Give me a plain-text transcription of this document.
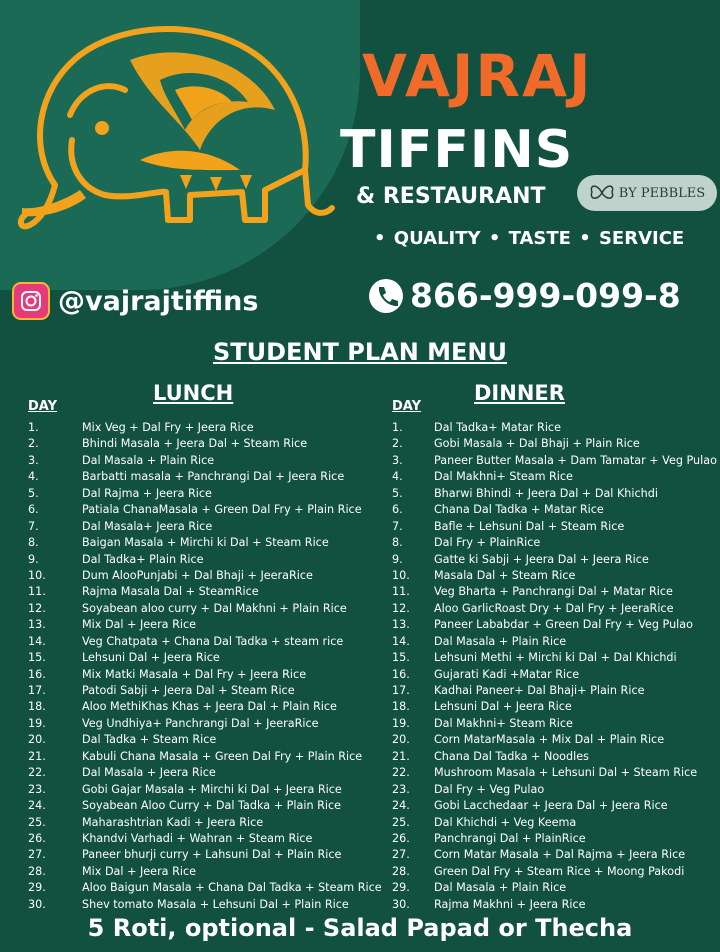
VAJRAJ
TIFFINS
& RESTAURANT	BY PEBBLES
• QUALITY • TASTE • SERVICE
@vajrajtiffins	866-999-099-8
STUDENT PLAN MENU
LUNCH	DINNER
DAY	DAY
1.	Mix Veg + Dal Fry + Jeera Rice
2.	Bhindi Masala + Jeera Dal + Steam Rice
3.	Dal Masala + Plain Rice
4.	Barbatti masala + Panchrangi Dal + Jeera Rice
5.	Dal Rajma + Jeera Rice
6.	Patiala ChanaMasala + Green Dal Fry + Plain Rice
7.	Dal Masala+ Jeera Rice
8.	Baigan Masala + Mirchi ki Dal + Steam Rice
9.	Dal Tadka+ Plain Rice
10.	Dum AlooPunjabi + Dal Bhaji + JeeraRice
11.	Rajma Masala Dal + SteamRice
12.	Soyabean aloo curry + Dal Makhni + Plain Rice
13.	Mix Dal + Jeera Rice
14.	Veg Chatpata + Chana Dal Tadka + steam rice
15.	Lehsuni Dal + Jeera Rice
16.	Mix Matki Masala + Dal Fry + Jeera Rice
17.	Patodi Sabji + Jeera Dal + Steam Rice
18.	Aloo MethiKhas Khas + Jeera Dal + Plain Rice
19.	Veg Undhiya+ Panchrangi Dal + JeeraRice
20.	Dal Tadka + Steam Rice
21.	Kabuli Chana Masala + Green Dal Fry + Plain Rice
22.	Dal Masala + Jeera Rice
23.	Gobi Gajar Masala + Mirchi ki Dal + Jeera Rice
24.	Soyabean Aloo Curry + Dal Tadka + Plain Rice
25.	Maharashtrian Kadi + Jeera Rice
26.	Khandvi Varhadi + Wahran + Steam Rice
27.	Paneer bhurji curry + Lahsuni Dal + Plain Rice
28.	Mix Dal + Jeera Rice
29.	Aloo Baigun Masala + Chana Dal Tadka + Steam Rice
30.	Shev tomato Masala + Lehsuni Dal + Plain Rice
1.	Dal Tadka+ Matar Rice
2.	Gobi Masala + Dal Bhaji + Plain Rice
3.	Paneer Butter Masala + Dam Tamatar + Veg Pulao
4.	Dal Makhni+ Steam Rice
5.	Bharwi Bhindi + Jeera Dal + Dal Khichdi
6.	Chana Dal Tadka + Matar Rice
7.	Bafle + Lehsuni Dal + Steam Rice
8.	Dal Fry + PlainRice
9.	Gatte ki Sabji + Jeera Dal + Jeera Rice
10. Masala Dal + Steam Rice
11. Veg Bharta + Panchrangi Dal + Matar Rice
12. Aloo GarlicRoast Dry + Dal Fry + JeeraRice
13. Paneer Lababdar + Green Dal Fry + Veg Pulao
14. Dal Masala + Plain Rice
15. Lehsuni Methi + Mirchi ki Dal + Dal Khichdi
16. Gujarati Kadi +Matar Rice
17. Kadhai Paneer+ Dal Bhaji+ Plain Rice
18. Lehsuni Dal + Jeera Rice
19. Dal Makhni+ Steam Rice
20. Corn MatarMasala + Mix Dal + Plain Rice
21. Chana Dal Tadka + Noodles
22. Mushroom Masala + Lehsuni Dal + Steam Rice
23. Dal Fry + Veg Pulao
24. Gobi Lacchedaar + Jeera Dal + Jeera Rice
25. Dal Khichdi + Veg Keema
26. Panchrangi Dal + PlainRice
27. Corn Matar Masala + Dal Rajma + Jeera Rice
28. Green Dal Fry + Steam Rice + Moong Pakodi
29. Dal Masala + Plain Rice
30. Rajma Makhni + Jeera Rice
5 Roti, optional - Salad Papad or Thecha
